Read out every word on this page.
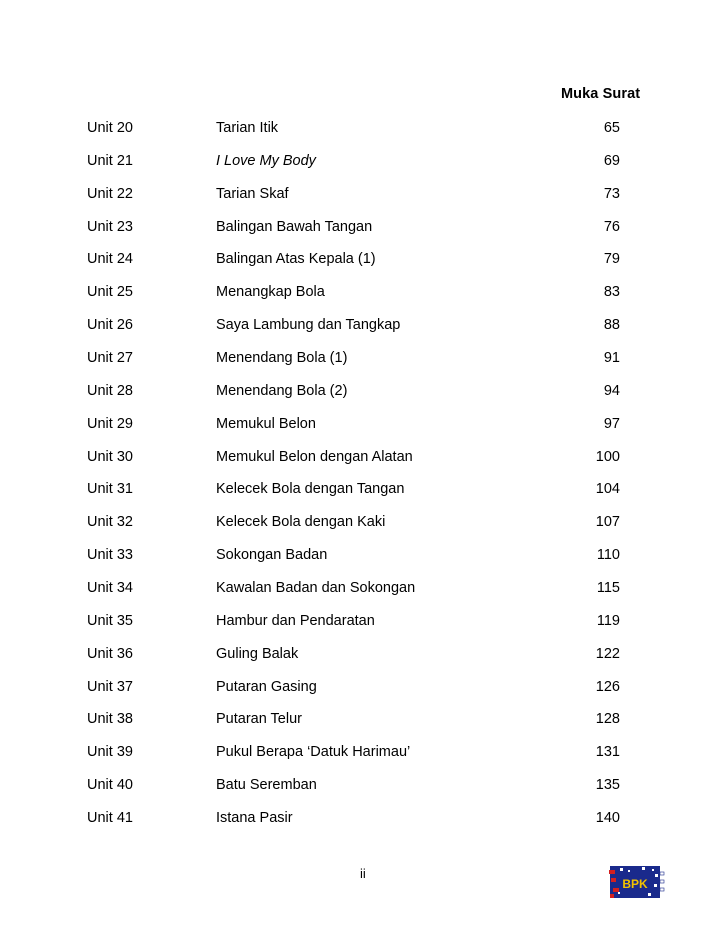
Muka Surat
Unit 20	Tarian Itik	65
Unit 21	I Love My Body	69
Unit 22	Tarian Skaf	73
Unit 23	Balingan Bawah Tangan	76
Unit 24	Balingan Atas Kepala (1)	79
Unit 25	Menangkap Bola	83
Unit 26	Saya Lambung dan Tangkap	88
Unit 27	Menendang Bola (1)	91
Unit 28	Menendang Bola (2)	94
Unit 29	Memukul Belon	97
Unit 30	Memukul Belon dengan Alatan	100
Unit 31	Kelecek Bola dengan Tangan	104
Unit 32	Kelecek Bola dengan Kaki	107
Unit 33	Sokongan Badan	110
Unit 34	Kawalan Badan dan Sokongan	115
Unit 35	Hambur dan Pendaratan	119
Unit 36	Guling Balak	122
Unit 37	Putaran Gasing	126
Unit 38	Putaran Telur	128
Unit 39	Pukul Berapa ‘Datuk Harimau’	131
Unit 40	Batu Seremban	135
Unit 41	Istana Pasir	140
ii
BPK
